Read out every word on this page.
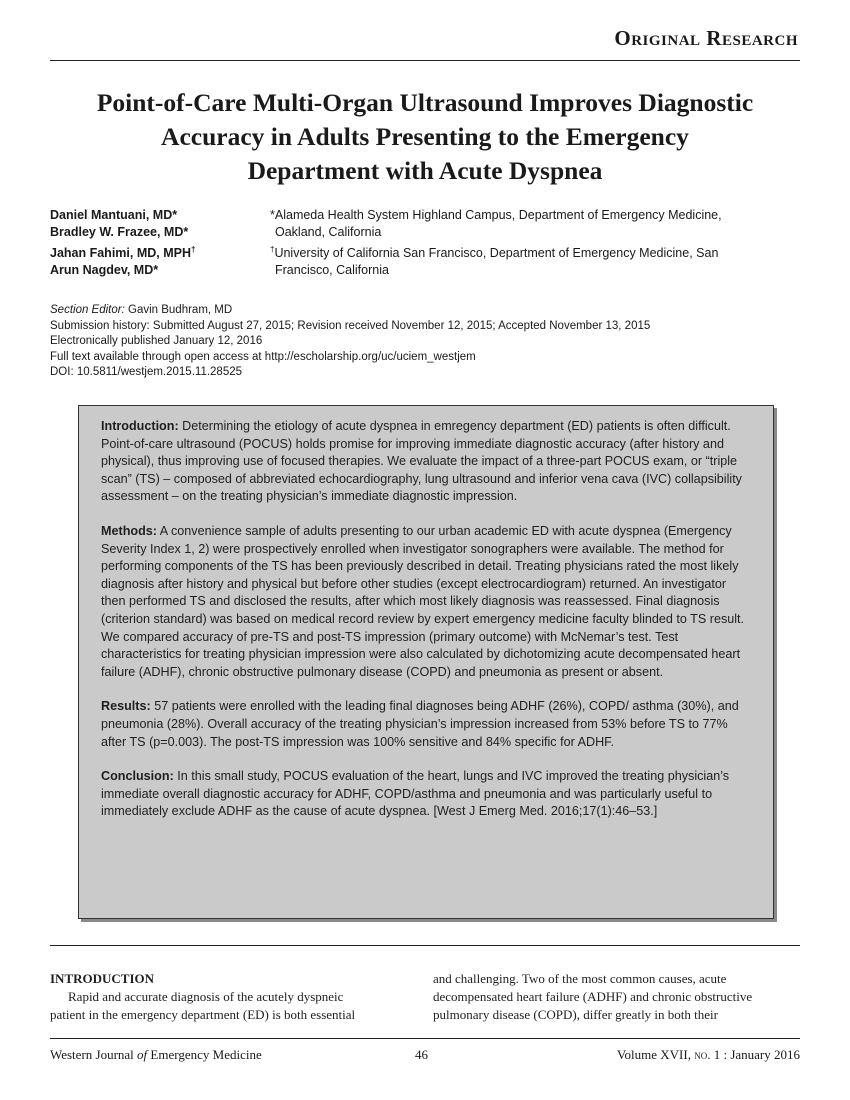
Original Research
Point-of-Care Multi-Organ Ultrasound Improves Diagnostic
Accuracy in Adults Presenting to the Emergency
Department with Acute Dyspnea
Daniel Mantuani, MD*
Bradley W. Frazee, MD*
Jahan Fahimi, MD, MPH†
Arun Nagdev, MD*
*Alameda Health System Highland Campus, Department of Emergency Medicine,
Oakland, California
†University of California San Francisco, Department of Emergency Medicine, San
Francisco, California
Section Editor: Gavin Budhram, MD
Submission history: Submitted August 27, 2015; Revision received November 12, 2015; Accepted November 13, 2015
Electronically published January 12, 2016
Full text available through open access at http://escholarship.org/uc/uciem_westjem
DOI: 10.5811/westjem.2015.11.28525

Introduction: Determining the etiology of acute dyspnea in emregency department (ED) patients is often difficult. Point-of-care ultrasound (POCUS) holds promise for improving immediate diagnostic accuracy (after history and physical), thus improving use of focused therapies. We evaluate the impact of a three-part POCUS exam, or “triple scan” (TS) – composed of abbreviated echocardiography, lung ultrasound and inferior vena cava (IVC) collapsibility assessment – on the treating physician’s immediate diagnostic impression.

Methods: A convenience sample of adults presenting to our urban academic ED with acute dyspnea (Emergency Severity Index 1, 2) were prospectively enrolled when investigator sonographers were available. The method for performing components of the TS has been previously described in detail. Treating physicians rated the most likely diagnosis after history and physical but before other studies (except electrocardiogram) returned. An investigator then performed TS and disclosed the results, after which most likely diagnosis was reassessed. Final diagnosis (criterion standard) was based on medical record review by expert emergency medicine faculty blinded to TS result. We compared accuracy of pre-TS and post-TS impression (primary outcome) with McNemar’s test. Test characteristics for treating physician impression were also calculated by dichotomizing acute decompensated heart failure (ADHF), chronic obstructive pulmonary disease (COPD) and pneumonia as present or absent.

Results: 57 patients were enrolled with the leading final diagnoses being ADHF (26%), COPD/ asthma (30%), and pneumonia (28%). Overall accuracy of the treating physician’s impression increased from 53% before TS to 77% after TS (p=0.003). The post-TS impression was 100% sensitive and 84% specific for ADHF.

Conclusion: In this small study, POCUS evaluation of the heart, lungs and IVC improved the treating physician’s immediate overall diagnostic accuracy for ADHF, COPD/asthma and pneumonia and was particularly useful to immediately exclude ADHF as the cause of acute dyspnea. [West J Emerg Med. 2016;17(1):46–53.]

INTRODUCTION
Rapid and accurate diagnosis of the acutely dyspneic
patient in the emergency department (ED) is both essential
and challenging. Two of the most common causes, acute
decompensated heart failure (ADHF) and chronic obstructive
pulmonary disease (COPD), differ greatly in both their
Western Journal of Emergency Medicine	46	Volume XVII, no. 1 : January 2016
